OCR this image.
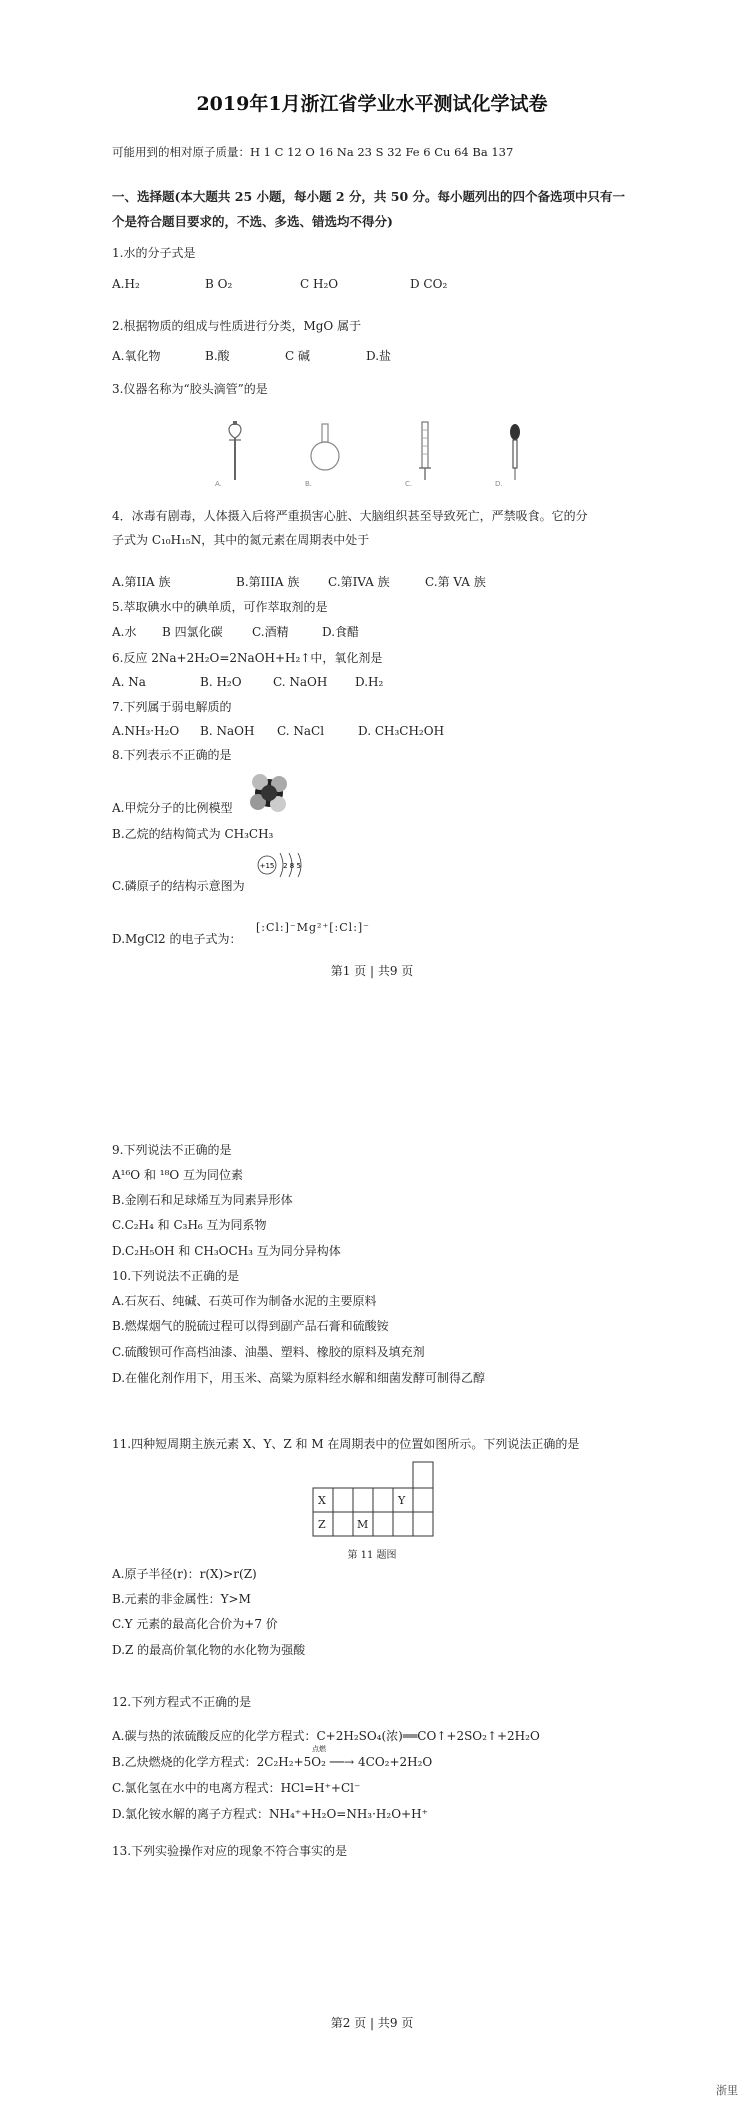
2019年1月浙江省学业水平测试化学试卷
可能用到的相对原子质量：H 1 C 12 O 16 Na 23 S 32 Fe 6 Cu 64 Ba 137
一、选择题(本大题共 25 小题，每小题 2 分，共 50 分。每小题列出的四个备选项中只有一
个是符合题目要求的，不选、多选、错选均不得分)
1.水的分子式是
A.H₂	B O₂	C H₂O	D CO₂
2.根据物质的组成与性质进行分类，MgO 属于
A.氧化物	B.酸	C 碱	D.盐
3.仪器名称为“胶头滴管”的是
A.	B.	C.	D.
4．冰毒有剧毒，人体摄入后将严重损害心脏、大脑组织甚至导致死亡，严禁吸食。它的分
子式为 C₁₀H₁₅N，其中的氮元素在周期表中处于
A.第IIA 族	B.第IIIA 族 C.第IVA 族	C.第 VA 族
5.萃取碘水中的碘单质，可作萃取剂的是
A.水 B 四氯化碳 C.酒精	D.食醋
6.反应 2Na+2H₂O=2NaOH+H₂↑中，氧化剂是
A. Na	B. H₂O	C. NaOH D.H₂
7.下列属于弱电解质的
A.NH₃·H₂O B. NaOH C. NaCl	D. CH₃CH₂OH
8.下列表示不正确的是
A.甲烷分子的比例模型
B.乙烷的结构简式为 CH₃CH₃
C.磷原子的结构示意图为
+15 2 8 5
D.MgCl2 的电子式为：
[:Cl:]⁻Mg²⁺[:Cl:]⁻
第1 页 | 共9 页
9.下列说法不正确的是
A¹⁶O 和 ¹⁸O 互为同位素
B.金刚石和足球烯互为同素异形体
C.C₂H₄ 和 C₃H₆ 互为同系物
D.C₂H₅OH 和 CH₃OCH₃ 互为同分异构体
10.下列说法不正确的是
A.石灰石、纯碱、石英可作为制备水泥的主要原料
B.燃煤烟气的脱硫过程可以得到副产品石膏和硫酸铵
C.硫酸钡可作高档油漆、油墨、塑料、橡胶的原料及填充剂
D.在催化剂作用下，用玉米、高粱为原料经水解和细菌发酵可制得乙醇
11.四种短周期主族元素 X、Y、Z 和 M 在周期表中的位置如图所示。下列说法正确的是
X	Y
Z	M
第 11 题图
A.原子半径(r)：r(X)>r(Z)
B.元素的非金属性：Y>M
C.Y 元素的最高化合价为+7 价
D.Z 的最高价氧化物的水化物为强酸
12.下列方程式不正确的是
A.碳与热的浓硫酸反应的化学方程式：C+2H₂SO₄(浓)══CO↑+2SO₂↑+2H₂O
B.乙炔燃烧的化学方程式：2C₂H₂+5O₂ ──→ 4CO₂+2H₂O
点燃
C.氯化氢在水中的电离方程式：HCl=H⁺+Cl⁻
D.氯化铵水解的离子方程式：NH₄⁺+H₂O=NH₃·H₂O+H⁺
13.下列实验操作对应的现象不符合事实的是
第2 页 | 共9 页
浙里
